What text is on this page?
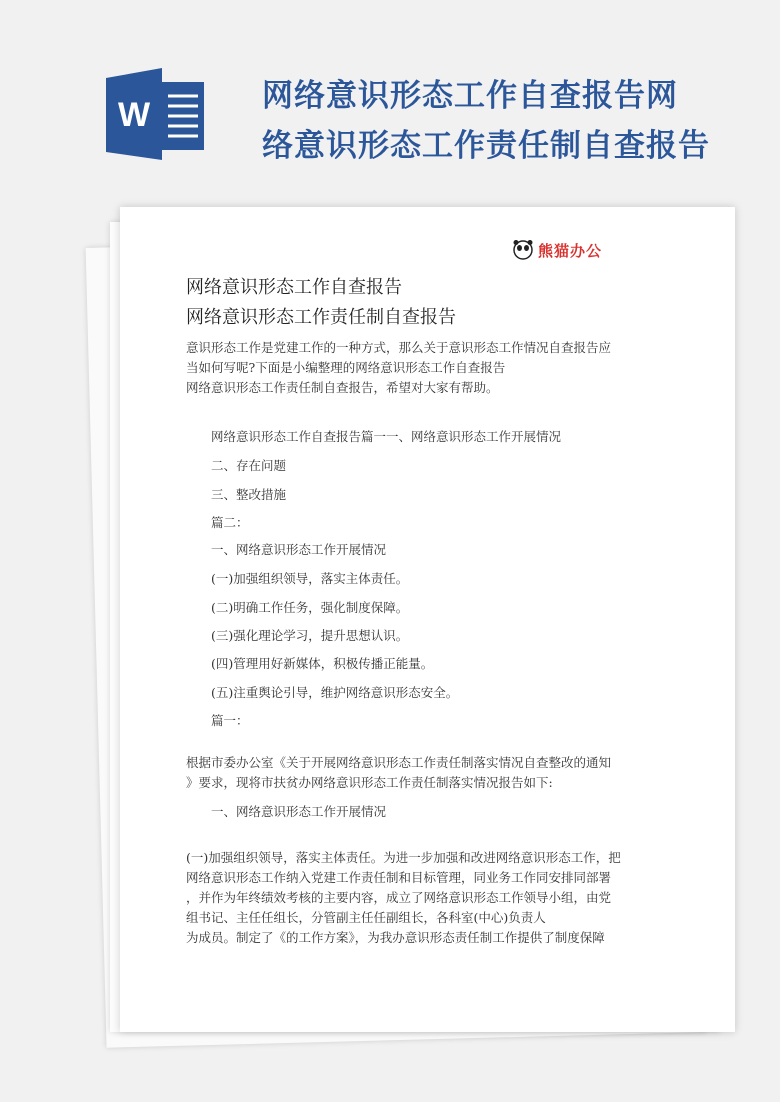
W	网络意识形态工作自查报告网
络意识形态工作责任制自查报告
熊猫办公
网络意识形态工作自查报告
网络意识形态工作责任制自查报告
意识形态工作是党建工作的一种方式，那么关于意识形态工作情况自查报告应
当如何写呢?下面是小编整理的网络意识形态工作自查报告
网络意识形态工作责任制自查报告，希望对大家有帮助。
网络意识形态工作自查报告篇一一、网络意识形态工作开展情况
二、存在问题
三、整改措施
篇二：
一、网络意识形态工作开展情况
(一)加强组织领导，落实主体责任。
(二)明确工作任务，强化制度保障。
(三)强化理论学习，提升思想认识。
(四)管理用好新媒体，积极传播正能量。
(五)注重舆论引导，维护网络意识形态安全。
篇一：
根据市委办公室《关于开展网络意识形态工作责任制落实情况自查整改的通知
》要求，现将市扶贫办网络意识形态工作责任制落实情况报告如下:
一、网络意识形态工作开展情况
(一)加强组织领导，落实主体责任。为进一步加强和改进网络意识形态工作，把
网络意识形态工作纳入党建工作责任制和目标管理，同业务工作同安排同部署
，并作为年终绩效考核的主要内容，成立了网络意识形态工作领导小组，由党
组书记、主任任组长，分管副主任任副组长，各科室(中心)负责人
为成员。制定了《的工作方案》，为我办意识形态责任制工作提供了制度保障
